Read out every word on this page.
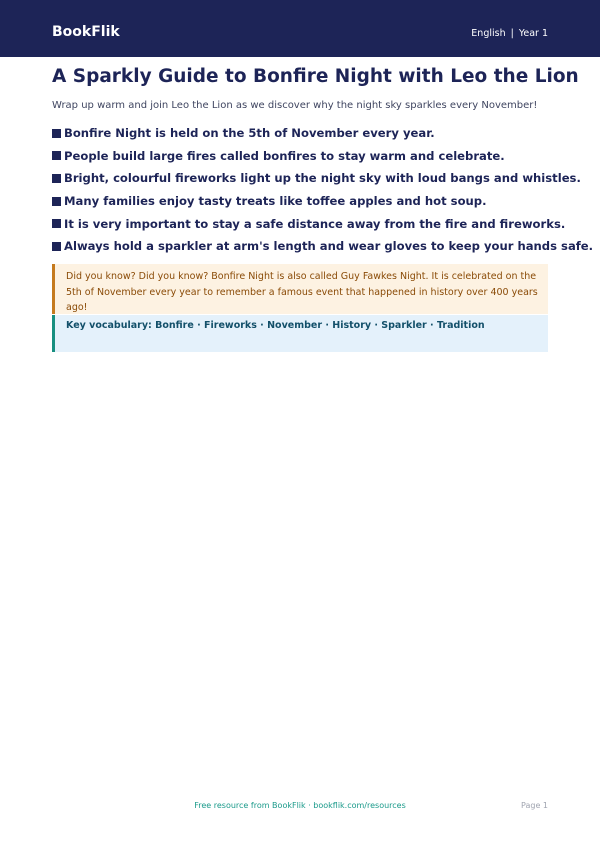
BookFlik	English | Year 1
A Sparkly Guide to Bonfire Night with Leo the Lion

Wrap up warm and join Leo the Lion as we discover why the night sky sparkles every November!

Bonfire Night is held on the 5th of November every year.
People build large fires called bonfires to stay warm and celebrate.
Bright, colourful fireworks light up the night sky with loud bangs and whistles.
Many families enjoy tasty treats like toffee apples and hot soup.
It is very important to stay a safe distance away from the fire and fireworks.
Always hold a sparkler at arm's length and wear gloves to keep your hands safe.

Did you know? Did you know? Bonfire Night is also called Guy Fawkes Night. It is celebrated on the 5th of November every year to remember a famous event that happened in history over 400 years ago!

Key vocabulary: Bonfire · Fireworks · November · History · Sparkler · Tradition

Free resource from BookFlik · bookflik.com/resources	Page 1
